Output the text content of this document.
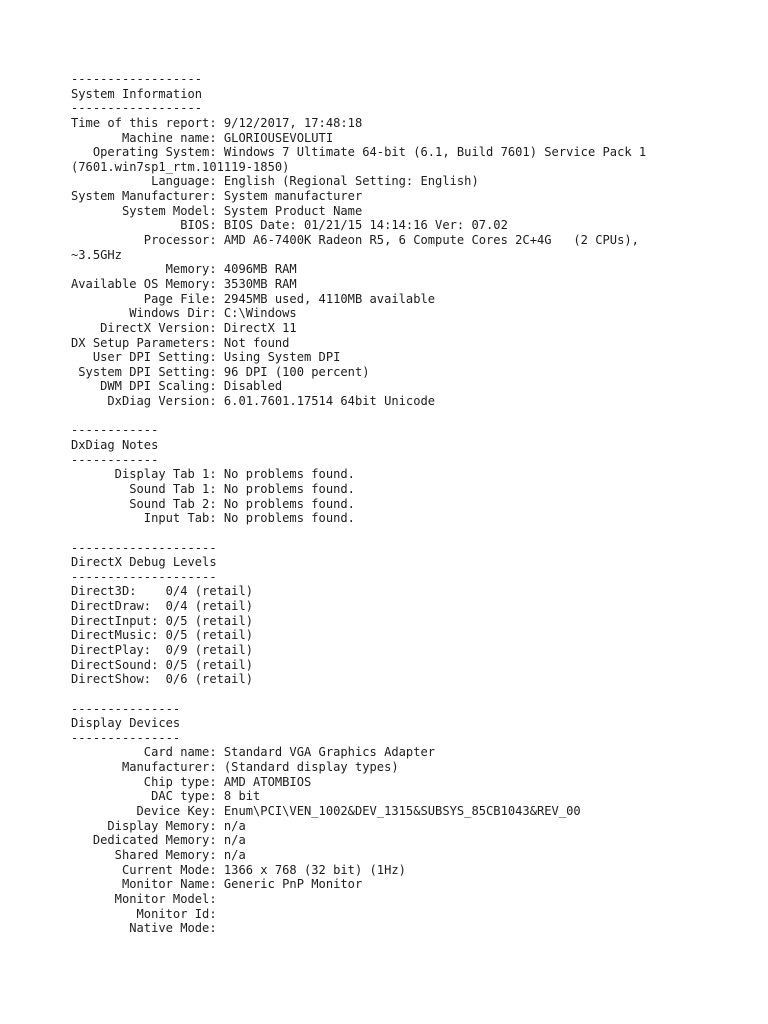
------------------
System Information
------------------
Time of this report: 9/12/2017, 17:48:18
Machine name: GLORIOUSEVOLUTI
Operating System: Windows 7 Ultimate 64-bit (6.1, Build 7601) Service Pack 1
(7601.win7sp1_rtm.101119-1850)
Language: English (Regional Setting: English)
System Manufacturer: System manufacturer
System Model: System Product Name
BIOS: BIOS Date: 01/21/15 14:14:16 Ver: 07.02
Processor: AMD A6-7400K Radeon R5, 6 Compute Cores 2C+4G   (2 CPUs),
~3.5GHz
Memory: 4096MB RAM
Available OS Memory: 3530MB RAM
Page File: 2945MB used, 4110MB available
Windows Dir: C:\Windows
DirectX Version: DirectX 11
DX Setup Parameters: Not found
User DPI Setting: Using System DPI
System DPI Setting: 96 DPI (100 percent)
DWM DPI Scaling: Disabled
DxDiag Version: 6.01.7601.17514 64bit Unicode
------------
DxDiag Notes
------------
Display Tab 1: No problems found.
Sound Tab 1: No problems found.
Sound Tab 2: No problems found.
Input Tab: No problems found.
--------------------
DirectX Debug Levels
--------------------
Direct3D:    0/4 (retail)
DirectDraw:  0/4 (retail)
DirectInput: 0/5 (retail)
DirectMusic: 0/5 (retail)
DirectPlay:  0/9 (retail)
DirectSound: 0/5 (retail)
DirectShow:  0/6 (retail)
---------------
Display Devices
---------------
Card name: Standard VGA Graphics Adapter
Manufacturer: (Standard display types)
Chip type: AMD ATOMBIOS
DAC type: 8 bit
Device Key: Enum\PCI\VEN_1002&DEV_1315&SUBSYS_85CB1043&REV_00
Display Memory: n/a
Dedicated Memory: n/a
Shared Memory: n/a
Current Mode: 1366 x 768 (32 bit) (1Hz)
Monitor Name: Generic PnP Monitor
Monitor Model:
Monitor Id:
Native Mode:
